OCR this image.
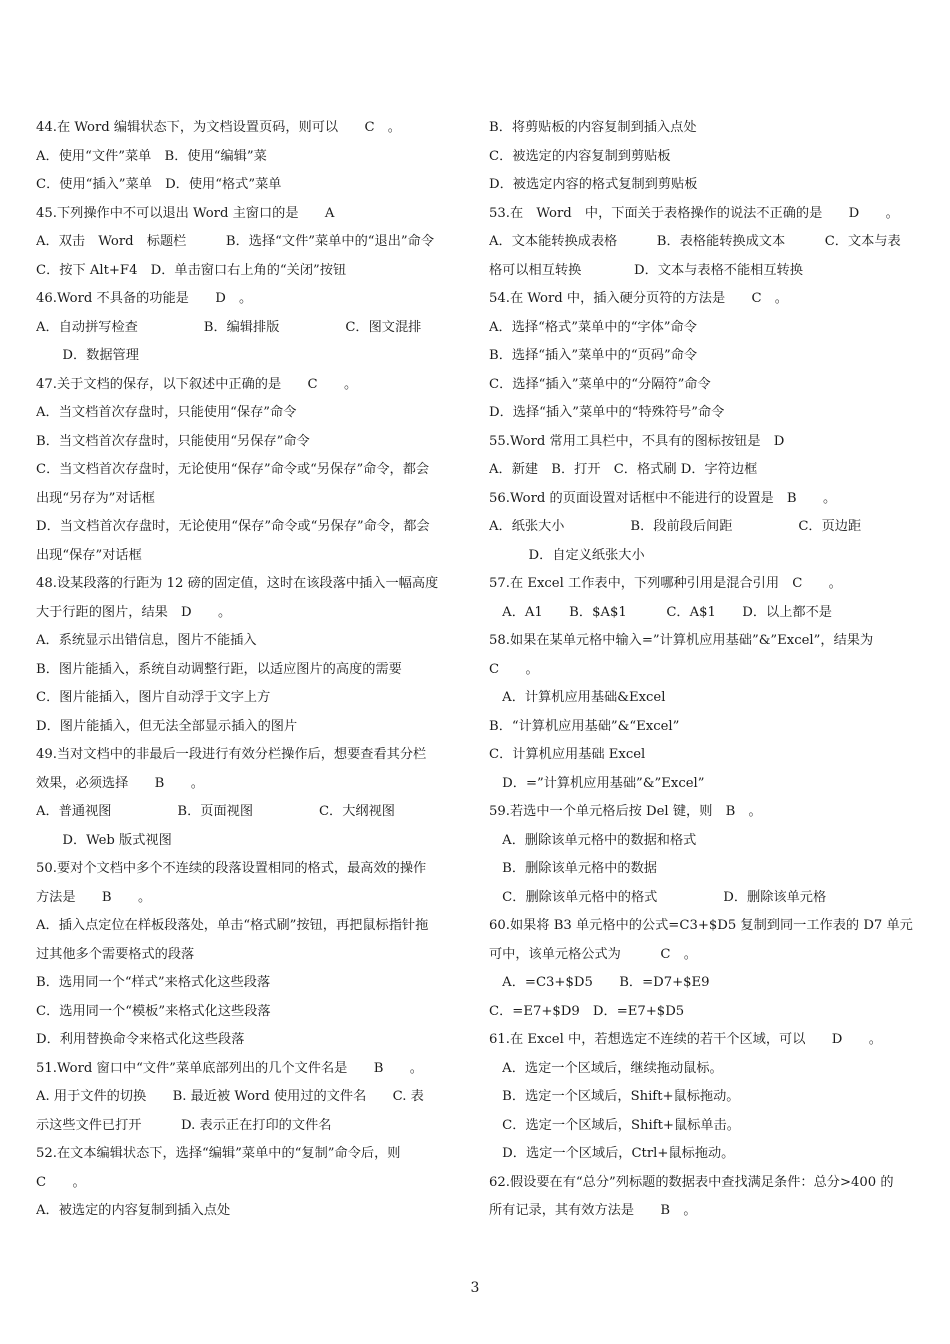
44.在 Word 编辑状态下，为文档设置页码，则可以　　C　。
A．使用“文件”菜单　B．使用“编辑”菜
C．使用“插入”菜单　D．使用“格式”菜单
45.下列操作中不可以退出 Word 主窗口的是　　A
A．双击　Word　标题栏　　　B．选择“文件”菜单中的“退出”命令
C．按下 Alt+F4　D．单击窗口右上角的“关闭”按钮
46.Word 不具备的功能是　　D　。
A．自动拼写检查　　　　　B．编辑排版　　　　　C．图文混排
　　D．数据管理
47.关于文档的保存，以下叙述中正确的是　　C　　。
A．当文档首次存盘时，只能使用“保存”命令
B．当文档首次存盘时，只能使用“另保存”命令
C．当文档首次存盘时，无论使用“保存”命令或“另保存”命令，都会
出现“另存为”对话框
D．当文档首次存盘时，无论使用“保存”命令或“另保存”命令，都会
出现“保存”对话框
48.设某段落的行距为 12 磅的固定值，这时在该段落中插入一幅高度
大于行距的图片，结果　D　　。
A．系统显示出错信息，图片不能插入
B．图片能插入，系统自动调整行距，以适应图片的高度的需要
C．图片能插入，图片自动浮于文字上方
D．图片能插入，但无法全部显示插入的图片
49.当对文档中的非最后一段进行有效分栏操作后，想要查看其分栏
效果，必须选择　　B　　。
A．普通视图　　　　　B．页面视图　　　　　C．大纲视图
　　D．Web 版式视图
50.要对个文档中多个不连续的段落设置相同的格式，最高效的操作
方法是　　B　　。
A．插入点定位在样板段落处，单击“格式刷”按钮，再把鼠标指针拖
过其他多个需要格式的段落
B．选用同一个“样式”来格式化这些段落
C．选用同一个“模板”来格式化这些段落
D．利用替换命令来格式化这些段落
51.Word 窗口中“文件”菜单底部列出的几个文件名是　　B　　。
A. 用于文件的切换　　B. 最近被 Word 使用过的文件名　　C. 表
示这些文件已打开　　　D. 表示正在打印的文件名
52.在文本编辑状态下，选择“编辑”菜单中的“复制”命令后，则
C　　。
A．被选定的内容复制到插入点处
B．将剪贴板的内容复制到插入点处
C．被选定的内容复制到剪贴板
D．被选定内容的格式复制到剪贴板
53.在　Word　中，下面关于表格操作的说法不正确的是　　D　　。
A．文本能转换成表格　　　B．表格能转换成文本　　　C．文本与表
格可以相互转换　　　　D．文本与表格不能相互转换
54.在 Word 中，插入硬分页符的方法是　　C　。
A．选择“格式”菜单中的“字体”命令
B．选择“插入”菜单中的“页码”命令
C．选择“插入”菜单中的“分隔符”命令
D．选择“插入”菜单中的“特殊符号”命令
55.Word 常用工具栏中，不具有的图标按钮是　D
A．新建　B．打开　C．格式刷 D．字符边框
56.Word 的页面设置对话框中不能进行的设置是　B　　。
A．纸张大小　　　　　B．段前段后间距　　　　　C．页边距
　　　D．自定义纸张大小
57.在 Excel 工作表中，下列哪种引用是混合引用　C　　。
　A．A1　　B．$A$1　　　C．A$1　　D．以上都不是
58.如果在某单元格中输入=”计算机应用基础”&”Excel”，结果为
C　　。
　A．计算机应用基础&Excel
B．“计算机应用基础”&“Excel”
C．计算机应用基础 Excel
　D．=”计算机应用基础”&”Excel”
59.若选中一个单元格后按 Del 键，则　B　。
　A．删除该单元格中的数据和格式
　B．删除该单元格中的数据
　C．删除该单元格中的格式　　　　　D．删除该单元格
60.如果将 B3 单元格中的公式=C3+$D5 复制到同一工作表的 D7 单元
可中，该单元格公式为　　　C　。
　A．=C3+$D5　　B．=D7+$E9
C．=E7+$D9　D．=E7+$D5
61.在 Excel 中，若想选定不连续的若干个区域，可以　　D　　。
　A．选定一个区域后，继续拖动鼠标。
　B．选定一个区域后，Shift+鼠标拖动。
　C．选定一个区域后，Shift+鼠标单击。
　D．选定一个区域后，Ctrl+鼠标拖动。
62.假设要在有“总分”列标题的数据表中查找满足条件：总分>400 的
所有记录，其有效方法是　　B　。
3
